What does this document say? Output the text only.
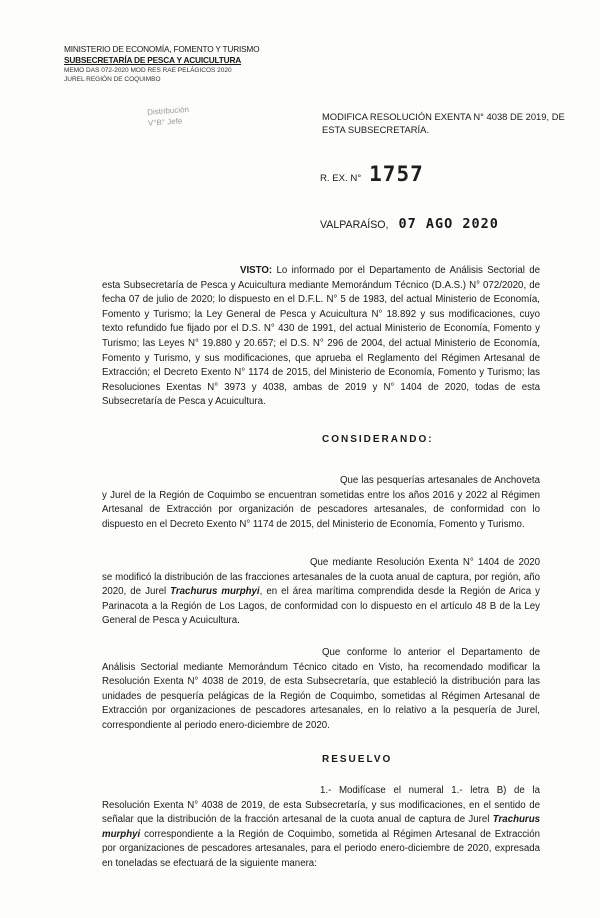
MINISTERIO DE ECONOMÍA, FOMENTO Y TURISMO
SUBSECRETARÍA DE PESCA Y ACUICULTURA
MEMO DAS 072-2020 MOD RES RAE PELÁGICOS 2020
JUREL REGIÓN DE COQUIMBO
Distribución
V°B° Jefe	MODIFICA RESOLUCIÓN EXENTA N° 4038 DE 2019, DE ESTA SUBSECRETARÍA.
R. EX. N° 1757
VALPARAÍSO, 07 AGO 2020
VISTO: Lo informado por el Departamento de Análisis Sectorial de esta Subsecretaría de Pesca y Acuicultura mediante Memorándum Técnico (D.A.S.) N° 072/2020, de fecha 07 de julio de 2020; lo dispuesto en el D.F.L. N° 5 de 1983, del actual Ministerio de Economía, Fomento y Turismo; la Ley General de Pesca y Acuicultura N° 18.892 y sus modificaciones, cuyo texto refundido fue fijado por el D.S. N° 430 de 1991, del actual Ministerio de Economía, Fomento y Turismo; las Leyes N° 19.880 y 20.657; el D.S. N° 296 de 2004, del actual Ministerio de Economía, Fomento y Turismo, y sus modificaciones, que aprueba el Reglamento del Régimen Artesanal de Extracción; el Decreto Exento N° 1174 de 2015, del Ministerio de Economía, Fomento y Turismo; las Resoluciones Exentas N° 3973 y 4038, ambas de 2019 y N° 1404 de 2020, todas de esta Subsecretaría de Pesca y Acuicultura.
CONSIDERANDO:
Que las pesquerías artesanales de Anchoveta y Jurel de la Región de Coquimbo se encuentran sometidas entre los años 2016 y 2022 al Régimen Artesanal de Extracción por organización de pescadores artesanales, de conformidad con lo dispuesto en el Decreto Exento N° 1174 de 2015, del Ministerio de Economía, Fomento y Turismo.
Que mediante Resolución Exenta N° 1404 de 2020 se modificó la distribución de las fracciones artesanales de la cuota anual de captura, por región, año 2020, de Jurel Trachurus murphyi, en el área marítima comprendida desde la Región de Arica y Parinacota a la Región de Los Lagos, de conformidad con lo dispuesto en el artículo 48 B de la Ley General de Pesca y Acuicultura.
Que conforme lo anterior el Departamento de Análisis Sectorial mediante Memorándum Técnico citado en Visto, ha recomendado modificar la Resolución Exenta N° 4038 de 2019, de esta Subsecretaría, que estableció la distribución para las unidades de pesquería pelágicas de la Región de Coquimbo, sometidas al Régimen Artesanal de Extracción por organizaciones de pescadores artesanales, en lo relativo a la pesquería de Jurel, correspondiente al periodo enero-diciembre de 2020.
RESUELVO
1.- Modifícase el numeral 1.- letra B) de la Resolución Exenta N° 4038 de 2019, de esta Subsecretaría, y sus modificaciones, en el sentido de señalar que la distribución de la fracción artesanal de la cuota anual de captura de Jurel Trachurus murphyi correspondiente a la Región de Coquimbo, sometida al Régimen Artesanal de Extracción por organizaciones de pescadores artesanales, para el periodo enero-diciembre de 2020, expresada en toneladas se efectuará de la siguiente manera:
